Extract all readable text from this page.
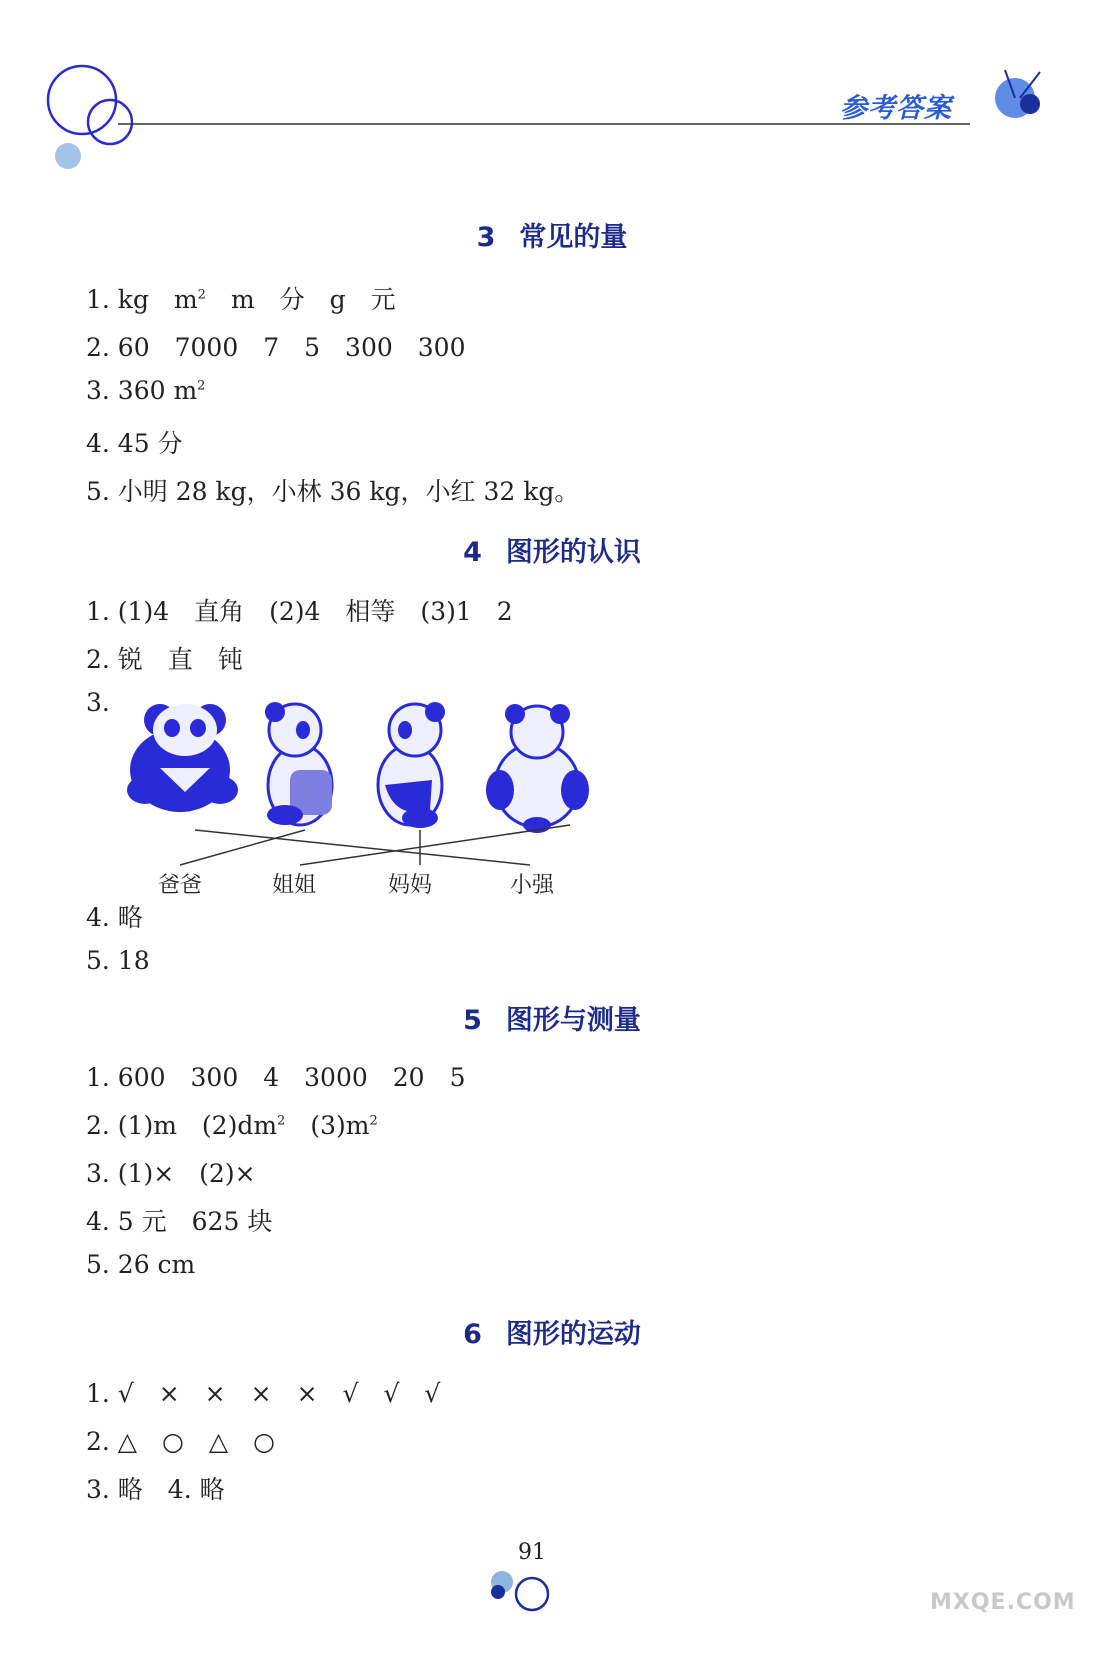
参考答案
3 常见的量
1. kg　$m^2$　m　分　g　元
2. 60　7000　7　5　300　300
3. 360 $m^2$
4. 45 分
5. 小明 28 kg，小林 36 kg，小红 32 kg。
4 图形的认识
1. (1)4　直角　(2)4　相等　(3)1　2
2. 锐　直　钝
3.
爸爸	姐姐	妈妈	小强
4. 略
5. 18
5 图形与测量
1. 600　300　4　3000　20　5
2. (1)m　$(2)dm^2$　$(3)m^2$
3. (1)×　(2)×
4. 5 元　625 块
5. 26 cm
6 图形的运动
1. √　×　×　×　×　√　√　√
2. △　○　△　○
3. 略　4. 略
91
MXQE.COM
